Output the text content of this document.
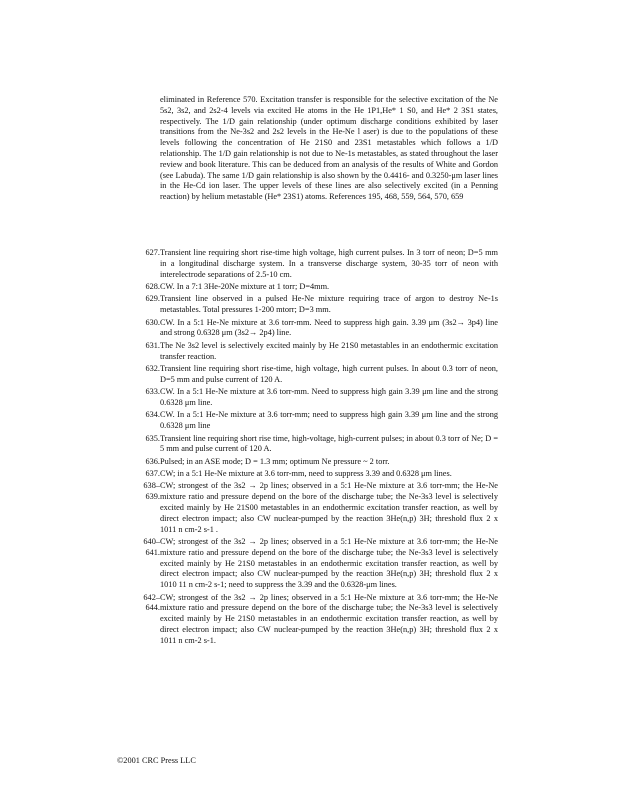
eliminated in Reference 570. Excitation transfer is responsible for the selective excitation of the Ne 5s2, 3s2, and 2s2-4 levels via excited He atoms in the He 1P1,He* 1 S0, and He* 2 3S1 states, respectively. The 1/D gain relationship (under optimum discharge conditions exhibited by laser transitions from the Ne-3s2 and 2s2 levels in the He-Ne l aser) is due to the populations of these levels following the concentration of He 21S0 and 23S1 metastables which follows a 1/D relationship. The 1/D gain relationship is not due to Ne-1s metastables, as stated throughout the laser review and book literature. This can be deduced from an analysis of the results of White and Gordon (see Labuda). The same 1/D gain relationship is also shown by the 0.4416- and 0.3250-μm laser lines in the He-Cd ion laser. The upper levels of these lines are also selectively excited (in a Penning reaction) by helium metastable (He* 23S1) atoms. References 195, 468, 559, 564, 570, 659

627. Transient line requiring short rise-time high voltage, high current pulses. In 3 torr of neon; D=5 mm in a longitudinal discharge system. In a transverse discharge system, 30-35 torr of neon with interelectrode separations of 2.5-10 cm.
628. CW. In a 7:1 3He-20Ne mixture at 1 torr; D=4mm.
629. Transient line observed in a pulsed He-Ne mixture requiring trace of argon to destroy Ne-1s metastables. Total pressures 1-200 mtorr; D=3 mm.
630. CW. In a 5:1 He-Ne mixture at 3.6 torr-mm. Need to suppress high gain. 3.39 μm (3s2→ 3p4) line and strong 0.6328 μm (3s2→ 2p4) line.
631. The Ne 3s2 level is selectively excited mainly by He 21S0 metastables in an endothermic excitation transfer reaction.
632. Transient line requiring short rise-time, high voltage, high current pulses. In about 0.3 torr of neon, D=5 mm and pulse current of 120 A.
633. CW. In a 5:1 He-Ne mixture at 3.6 torr-mm. Need to suppress high gain 3.39 μm line and the strong 0.6328 μm line.
634. CW. In a 5:1 He-Ne mixture at 3.6 torr-mm; need to suppress high gain 3.39 μm line and the strong 0.6328 μm line
635. Transient line requiring short rise time, high-voltage, high-current pulses; in about 0.3 torr of Ne; D = 5 mm and pulse current of 120 A.
636. Pulsed; in an ASE mode; D = 1.3 mm; optimum Ne pressure ~ 2 torr.
637. CW; in a 5:1 He-Ne mixture at 3.6 torr-mm, need to suppress 3.39 and 0.6328 μm lines.
638–
639.
CW; strongest of the 3s2 → 2p lines; observed in a 5:1 He-Ne mixture at 3.6 torr-mm; the He-Ne mixture ratio and pressure depend on the bore of the discharge tube; the Ne-3s3 level is selectively excited mainly by He 21S00 metastables in an endothermic excitation transfer reaction, as well by direct electron impact; also CW nuclear-pumped by the reaction 3He(n,p) 3H; threshold flux 2 x 1011 n cm-2 s-1 .
640–
641.
CW; strongest of the 3s2 → 2p lines; observed in a 5:1 He-Ne mixture at 3.6 torr-mm; the He-Ne mixture ratio and pressure depend on the bore of the discharge tube; the Ne-3s3 level is selectively excited mainly by He 21S0 metastables in an endothermic excitation transfer reaction, as well by direct electron impact; also CW nuclear-pumped by the reaction 3He(n,p) 3H; threshold flux 2 x 1010 11 n cm-2 s-1; need to suppress the 3.39 and the 0.6328-μm lines.
642–
644.
CW; strongest of the 3s2 → 2p lines; observed in a 5:1 He-Ne mixture at 3.6 torr-mm; the He-Ne mixture ratio and pressure depend on the bore of the discharge tube; the Ne-3s3 level is selectively excited mainly by He 21S0 metastables in an endothermic excitation transfer reaction, as well by direct electron impact; also CW nuclear-pumped by the reaction 3He(n,p) 3H; threshold flux 2 x 1011 n cm-2 s-1.
©2001 CRC Press LLC
